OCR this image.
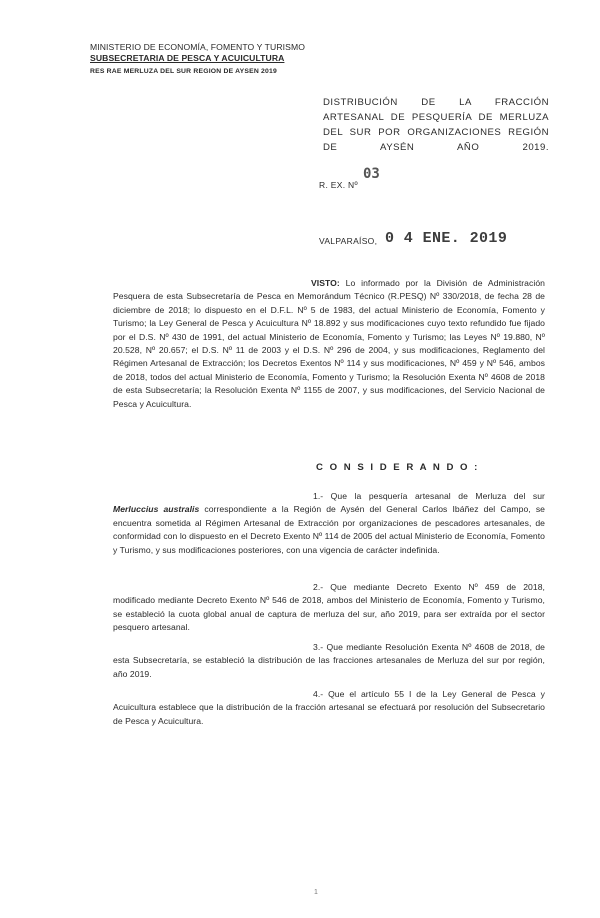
MINISTERIO DE ECONOMÍA, FOMENTO Y TURISMO
SUBSECRETARIA DE PESCA Y ACUICULTURA
RES RAE MERLUZA DEL SUR REGION DE AYSEN 2019
DISTRIBUCIÓN DE LA FRACCIÓN ARTESANAL DE PESQUERÍA DE MERLUZA DEL SUR POR ORGANIZACIONES REGIÓN DE AYSÉN AÑO 2019.
03
R. EX. Nº
VALPARAÍSO, 0 4 ENE. 2019
VISTO: Lo informado por la División de Administración Pesquera de esta Subsecretaría de Pesca en Memorándum Técnico (R.PESQ) Nº 330/2018, de fecha 28 de diciembre de 2018; lo dispuesto en el D.F.L. Nº 5 de 1983, del actual Ministerio de Economía, Fomento y Turismo; la Ley General de Pesca y Acuicultura Nº 18.892 y sus modificaciones cuyo texto refundido fue fijado por el D.S. Nº 430 de 1991, del actual Ministerio de Economía, Fomento y Turismo; las Leyes Nº 19.880, Nº 20.528, Nº 20.657; el D.S. Nº 11 de 2003 y el D.S. Nº 296 de 2004, y sus modificaciones, Reglamento del Régimen Artesanal de Extracción; los Decretos Exentos Nº 114 y sus modificaciones, Nº 459 y Nº 546, ambos de 2018, todos del actual Ministerio de Economía, Fomento y Turismo; la Resolución Exenta Nº 4608 de 2018 de esta Subsecretaría; la Resolución Exenta Nº 1155 de 2007, y sus modificaciones, del Servicio Nacional de Pesca y Acuicultura.
C O N S I D E R A N D O :
1.- Que la pesquería artesanal de Merluza del sur Merluccius australis correspondiente a la Región de Aysén del General Carlos Ibáñez del Campo, se encuentra sometida al Régimen Artesanal de Extracción por organizaciones de pescadores artesanales, de conformidad con lo dispuesto en el Decreto Exento Nº 114 de 2005 del actual Ministerio de Economía, Fomento y Turismo, y sus modificaciones posteriores, con una vigencia de carácter indefinida.
2.- Que mediante Decreto Exento Nº 459 de 2018, modificado mediante Decreto Exento Nº 546 de 2018, ambos del Ministerio de Economía, Fomento y Turismo, se estableció la cuota global anual de captura de merluza del sur, año 2019, para ser extraída por el sector pesquero artesanal.
3.- Que mediante Resolución Exenta Nº 4608 de 2018, de esta Subsecretaría, se estableció la distribución de las fracciones artesanales de Merluza del sur por región, año 2019.
4.- Que el artículo 55 I de la Ley General de Pesca y Acuicultura establece que la distribución de la fracción artesanal se efectuará por resolución del Subsecretario de Pesca y Acuicultura.
1
